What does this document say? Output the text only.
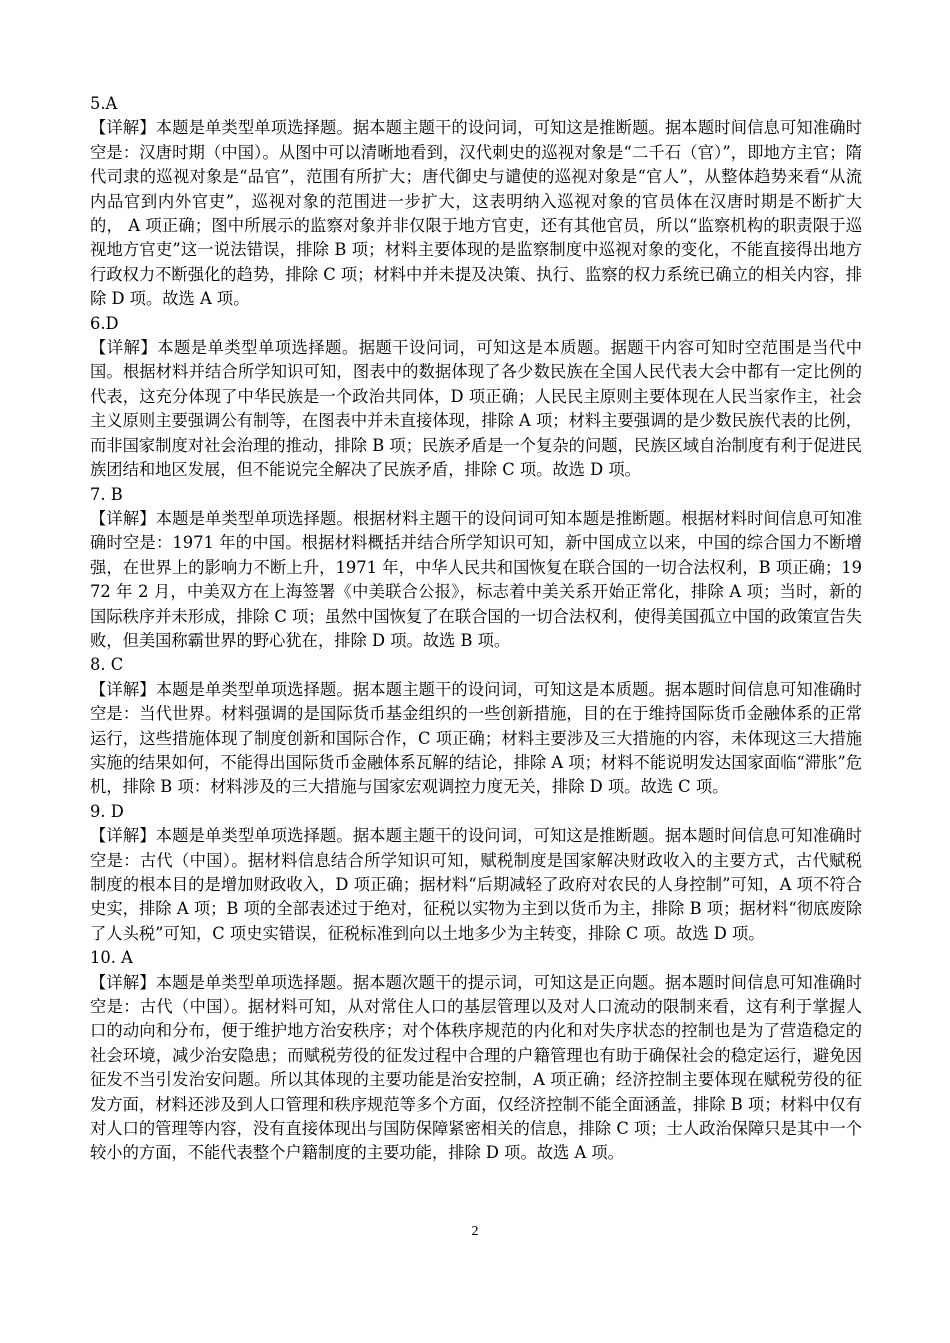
5.A
【详解】本题是单类型单项选择题。据本题主题干的设问词，可知这是推断题。据本题时间信息可知准确时空是：汉唐时期（中国）。从图中可以清晰地看到，汉代刺史的巡视对象是“二千石（官）”，即地方主官；隋代司隶的巡视对象是“品官”，范围有所扩大；唐代御史与谴使的巡视对象是“官人”，从整体趋势来看“从流内品官到内外官吏”，巡视对象的范围进一步扩大，这表明纳入巡视对象的官员体在汉唐时期是不断扩大的， A 项正确；图中所展示的监察对象并非仅限于地方官吏，还有其他官员，所以“监察机构的职责限于巡视地方官吏”这一说法错误，排除 B 项；材料主要体现的是监察制度中巡视对象的变化，不能直接得出地方行政权力不断强化的趋势，排除 C 项；材料中并未提及决策、执行、监察的权力系统已确立的相关内容，排除 D 项。故选 A 项。
6.D
【详解】本题是单类型单项选择题。据题干设问词，可知这是本质题。据题干内容可知时空范围是当代中国。根据材料并结合所学知识可知，图表中的数据体现了各少数民族在全国人民代表大会中都有一定比例的代表，这充分体现了中华民族是一个政治共同体，D 项正确；人民民主原则主要体现在人民当家作主，社会主义原则主要强调公有制等，在图表中并未直接体现，排除 A 项；材料主要强调的是少数民族代表的比例，而非国家制度对社会治理的推动，排除 B 项；民族矛盾是一个复杂的问题，民族区域自治制度有利于促进民族团结和地区发展，但不能说完全解决了民族矛盾，排除 C 项。故选 D 项。
7. B
【详解】本题是单类型单项选择题。根据材料主题干的设问词可知本题是推断题。根据材料时间信息可知准确时空是：1971 年的中国。根据材料概括并结合所学知识可知，新中国成立以来，中国的综合国力不断增强，在世界上的影响力不断上升，1971 年，中华人民共和国恢复在联合国的一切合法权利，B 项正确；1972 年 2 月，中美双方在上海签署《中美联合公报》，标志着中美关系开始正常化，排除 A 项；当时，新的国际秩序并未形成，排除 C 项；虽然中国恢复了在联合国的一切合法权利，使得美国孤立中国的政策宣告失败，但美国称霸世界的野心犹在，排除 D 项。故选 B 项。
8. C
【详解】本题是单类型单项选择题。据本题主题干的设问词，可知这是本质题。据本题时间信息可知准确时空是：当代世界。材料强调的是国际货币基金组织的一些创新措施，目的在于维持国际货币金融体系的正常运行，这些措施体现了制度创新和国际合作，C 项正确；材料主要涉及三大措施的内容，未体现这三大措施实施的结果如何，不能得出国际货币金融体系瓦解的结论，排除 A 项；材料不能说明发达国家面临“滞胀”危机，排除 B 项：材料涉及的三大措施与国家宏观调控力度无关，排除 D 项。故选 C 项。
9. D
【详解】本题是单类型单项选择题。据本题主题干的设问词，可知这是推断题。据本题时间信息可知准确时空是：古代（中国）。据材料信息结合所学知识可知，赋税制度是国家解决财政收入的主要方式，古代赋税制度的根本目的是增加财政收入，D 项正确；据材料“后期减轻了政府对农民的人身控制”可知，A 项不符合史实，排除 A 项；B 项的全部表述过于绝对，征税以实物为主到以货币为主，排除 B 项；据材料“彻底废除了人头税”可知，C 项史实错误，征税标准到向以土地多少为主转变，排除 C 项。故选 D 项。
10. A
【详解】本题是单类型单项选择题。据本题次题干的提示词，可知这是正向题。据本题时间信息可知准确时空是：古代（中国）。据材料可知，从对常住人口的基层管理以及对人口流动的限制来看，这有利于掌握人口的动向和分布，便于维护地方治安秩序；对个体秩序规范的内化和对失序状态的控制也是为了营造稳定的社会环境，减少治安隐患；而赋税劳役的征发过程中合理的户籍管理也有助于确保社会的稳定运行，避免因征发不当引发治安问题。所以其体现的主要功能是治安控制，A 项正确；经济控制主要体现在赋税劳役的征发方面，材料还涉及到人口管理和秩序规范等多个方面，仅经济控制不能全面涵盖，排除 B 项；材料中仅有对人口的管理等内容，没有直接体现出与国防保障紧密相关的信息，排除 C 项；士人政治保障只是其中一个较小的方面，不能代表整个户籍制度的主要功能，排除 D 项。故选 A 项。
2
